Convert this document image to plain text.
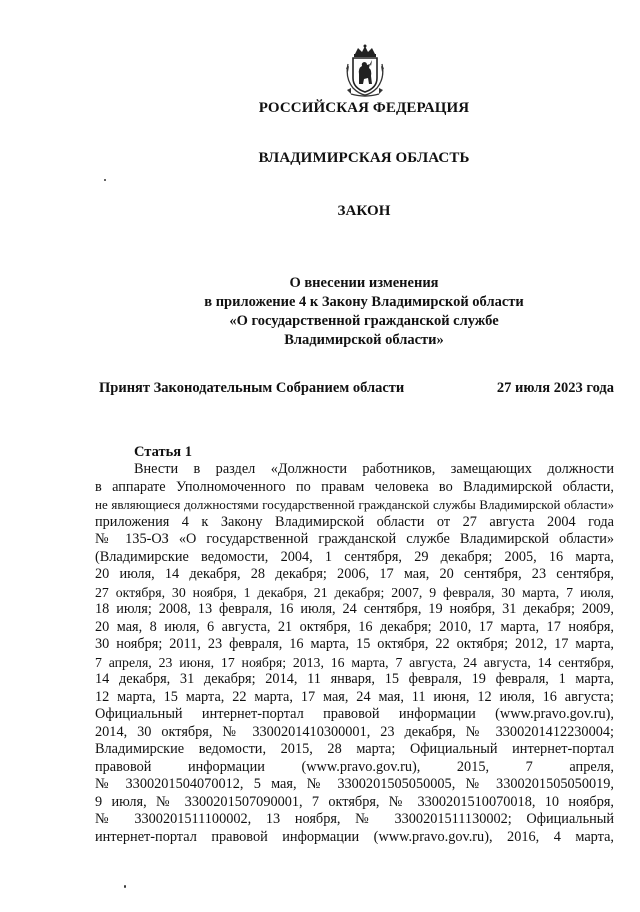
РОССИЙСКАЯ ФЕДЕРАЦИЯ
ВЛАДИМИРСКАЯ ОБЛАСТЬ
ЗАКОН
О внесении изменения
в приложение 4 к Закону Владимирской области
«О государственной гражданской службе
Владимирской области»
Принят Законодательным Собранием области	27 июля 2023 года
Статья 1
Внести в раздел «Должности работников, замещающих должности
в аппарате Уполномоченного по правам человека во Владимирской области,
не являющиеся должностями государственной гражданской службы Владимирской области»
приложения 4 к Закону Владимирской области от 27 августа 2004 года
№ 135-ОЗ «О государственной гражданской службе Владимирской области»
(Владимирские ведомости, 2004, 1 сентября, 29 декабря; 2005, 16 марта,
20 июля, 14 декабря, 28 декабря; 2006, 17 мая, 20 сентября, 23 сентября,
27 октября, 30 ноября, 1 декабря, 21 декабря; 2007, 9 февраля, 30 марта, 7 июля,
18 июля; 2008, 13 февраля, 16 июля, 24 сентября, 19 ноября, 31 декабря; 2009,
20 мая, 8 июля, 6 августа, 21 октября, 16 декабря; 2010, 17 марта, 17 ноября,
30 ноября; 2011, 23 февраля, 16 марта, 15 октября, 22 октября; 2012, 17 марта,
7 апреля, 23 июня, 17 ноября; 2013, 16 марта, 7 августа, 24 августа, 14 сентября,
14 декабря, 31 декабря; 2014, 11 января, 15 февраля, 19 февраля, 1 марта,
12 марта, 15 марта, 22 марта, 17 мая, 24 мая, 11 июня, 12 июля, 16 августа;
Официальный интернет-портал правовой информации (www.pravo.gov.ru),
2014, 30 октября, № 3300201410300001, 23 декабря, № 3300201412230004;
Владимирские ведомости, 2015, 28 марта; Официальный интернет-портал
правовой информации (www.pravo.gov.ru), 2015, 7 апреля,
№ 3300201504070012, 5 мая, № 3300201505050005, № 3300201505050019,
9 июля, № 3300201507090001, 7 октября, № 3300201510070018, 10 ноября,
№ 3300201511100002, 13 ноября, № 3300201511130002; Официальный
интернет-портал правовой информации (www.pravo.gov.ru), 2016, 4 марта,
